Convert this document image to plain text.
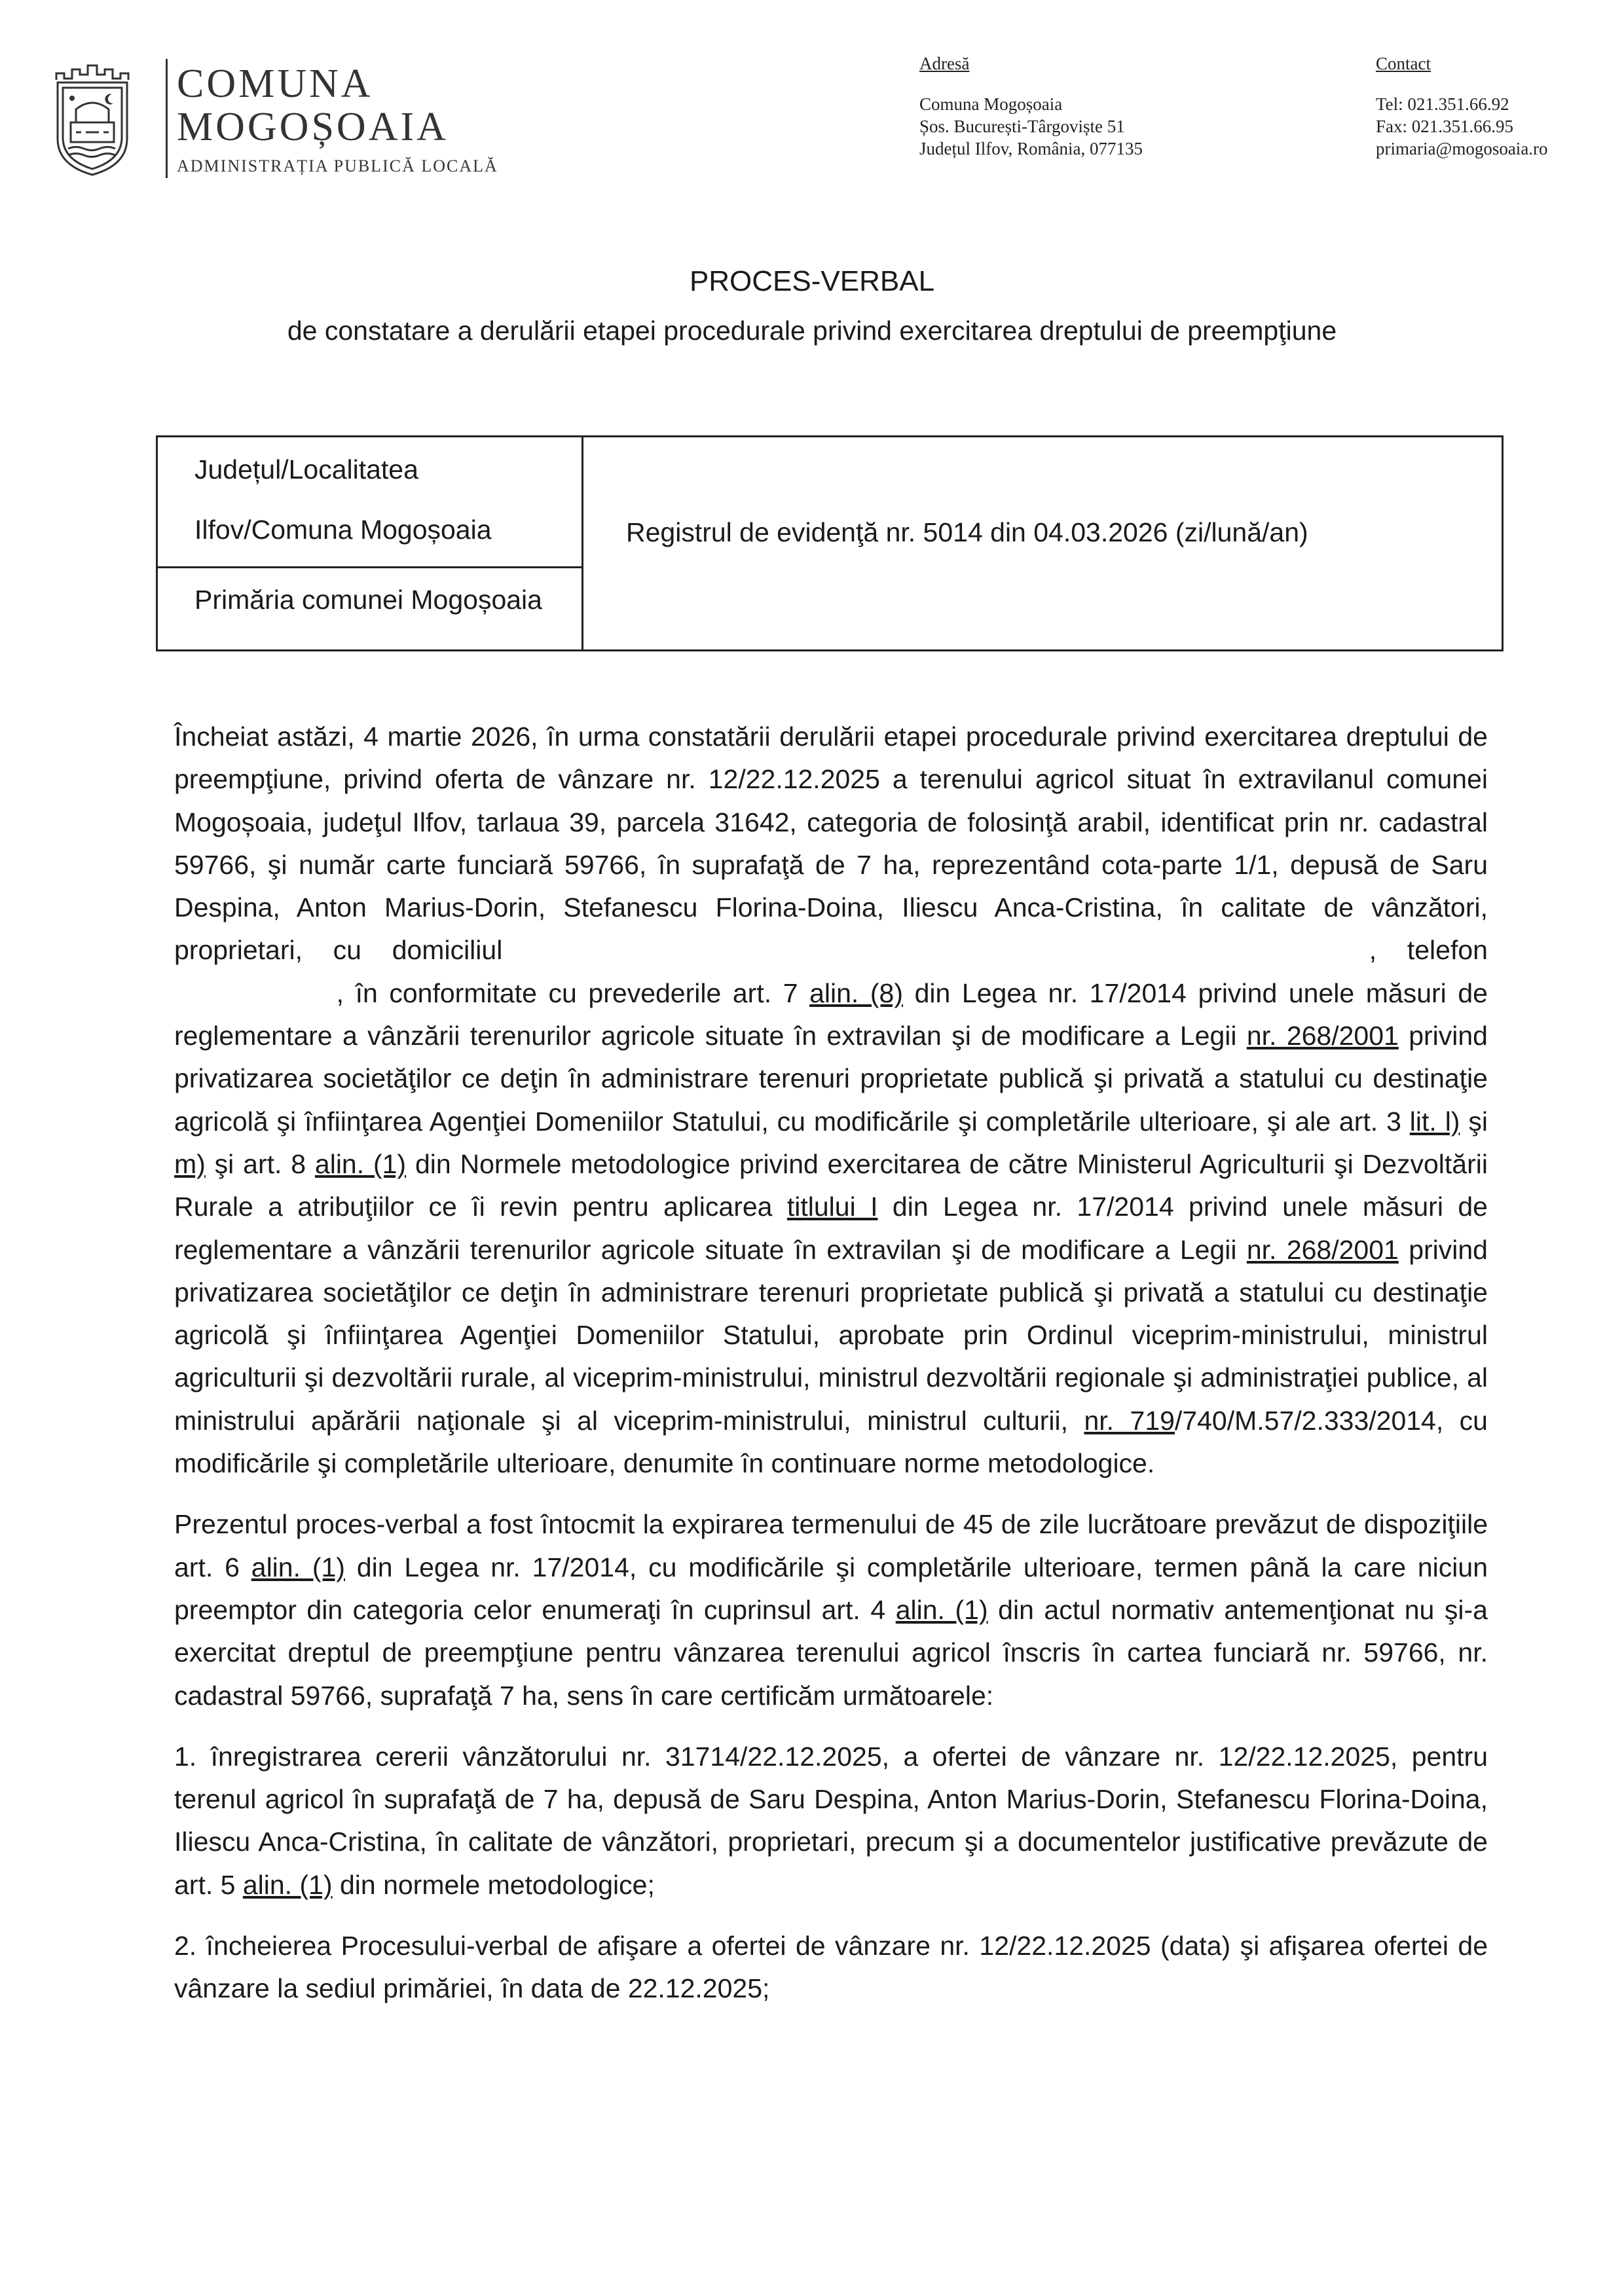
COMUNA
MOGOȘOAIA
ADMINISTRAȚIA PUBLICĂ LOCALĂ
Adresă
Comuna Mogoșoaia
Șos. București-Târgoviște 51
Județul Ilfov, România, 077135
Contact
Tel: 021.351.66.92
Fax: 021.351.66.95
primaria@mogosoaia.ro
PROCES-VERBAL
de constatare a derulării etapei procedurale privind exercitarea dreptului de preempţiune
Județul/Localitatea
Ilfov/Comuna Mogoșoaia
Primăria comunei Mogoșoaia
Registrul de evidenţă nr. 5014 din 04.03.2026 (zi/lună/an)

Încheiat astăzi, 4 martie 2026, în urma constatării derulării etapei procedurale privind exercitarea dreptului de preempţiune, privind oferta de vânzare nr. 12/22.12.2025 a terenului agricol situat în extravilanul comunei Mogoșoaia, judeţul Ilfov, tarlaua 39, parcela 31642, categoria de folosinţă arabil, identificat prin nr. cadastral 59766, şi număr carte funciară 59766, în suprafaţă de 7 ha, reprezentând cota-parte 1/1, depusă de Saru Despina, Anton Marius-Dorin, Stefanescu Florina-Doina, Iliescu Anca-Cristina, în calitate de vânzători, proprietari, cu domiciliul	, telefon  , în conformitate cu prevederile art. 7 alin. (8) din Legea nr. 17/2014 privind unele măsuri de reglementare a vânzării terenurilor agricole situate în extravilan şi de modificare a Legii nr. 268/2001 privind privatizarea societăţilor ce deţin în administrare terenuri proprietate publică şi privată a statului cu destinaţie agricolă şi înfiinţarea Agenţiei Domeniilor Statului, cu modificările şi completările ulterioare, şi ale art. 3 lit. l) şi m) şi art. 8 alin. (1) din Normele metodologice privind exercitarea de către Ministerul Agriculturii şi Dezvoltării Rurale a atribuţiilor ce îi revin pentru aplicarea titlului I din Legea nr. 17/2014 privind unele măsuri de reglementare a vânzării terenurilor agricole situate în extravilan şi de modificare a Legii nr. 268/2001 privind privatizarea societăţilor ce deţin în administrare terenuri proprietate publică şi privată a statului cu destinaţie agricolă şi înfiinţarea Agenţiei Domeniilor Statului, aprobate prin Ordinul viceprim-ministrului, ministrul agriculturii şi dezvoltării rurale, al viceprim-ministrului, ministrul dezvoltării regionale şi administraţiei publice, al ministrului apărării naţionale şi al viceprim-ministrului, ministrul culturii, nr. 719/740/M.57/2.333/2014, cu modificările şi completările ulterioare, denumite în continuare norme metodologice.

Prezentul proces-verbal a fost întocmit la expirarea termenului de 45 de zile lucrătoare prevăzut de dispoziţiile art. 6 alin. (1) din Legea nr. 17/2014, cu modificările şi completările ulterioare, termen până la care niciun preemptor din categoria celor enumeraţi în cuprinsul art. 4 alin. (1) din actul normativ antemenţionat nu şi-a exercitat dreptul de preempţiune pentru vânzarea terenului agricol înscris în cartea funciară nr. 59766, nr. cadastral 59766, suprafaţă 7 ha, sens în care certificăm următoarele:

1. înregistrarea cererii vânzătorului nr. 31714/22.12.2025, a ofertei de vânzare nr. 12/22.12.2025, pentru terenul agricol în suprafaţă de 7 ha, depusă de Saru Despina, Anton Marius-Dorin, Stefanescu Florina-Doina, Iliescu Anca-Cristina, în calitate de vânzători, proprietari, precum şi a documentelor justificative prevăzute de art. 5 alin. (1) din normele metodologice;

2. încheierea Procesului-verbal de afişare a ofertei de vânzare nr. 12/22.12.2025 (data) şi afişarea ofertei de vânzare la sediul primăriei, în data de 22.12.2025;
